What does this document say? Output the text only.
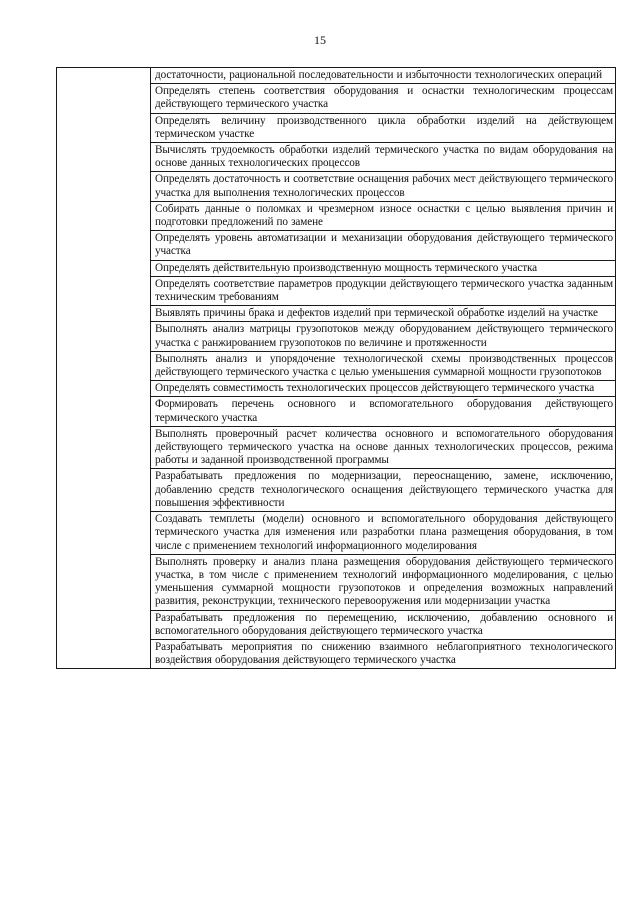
15
	достаточности, рациональной последовательности и избыточности технологических операций
Определять степень соответствия оборудования и оснастки технологическим процессам действующего термического участка
Определять величину производственного цикла обработки изделий на действующем термическом участке
Вычислять трудоемкость обработки изделий термического участка по видам оборудования на основе данных технологических процессов
Определять достаточность и соответствие оснащения рабочих мест действующего термического участка для выполнения технологических процессов
Собирать данные о поломках и чрезмерном износе оснастки с целью выявления причин и подготовки предложений по замене
Определять уровень автоматизации и механизации оборудования действующего термического участка
Определять действительную производственную мощность термического участка
Определять соответствие параметров продукции действующего термического участка заданным техническим требованиям
Выявлять причины брака и дефектов изделий при термической обработке изделий на участке
Выполнять анализ матрицы грузопотоков между оборудованием действующего термического участка с ранжированием грузопотоков по величине и протяженности
Выполнять анализ и упорядочение технологической схемы производственных процессов действующего термического участка с целью уменьшения суммарной мощности грузопотоков
Определять совместимость технологических процессов действующего термического участка
Формировать перечень основного и вспомогательного оборудования действующего термического участка
Выполнять проверочный расчет количества основного и вспомогательного оборудования действующего термического участка на основе данных технологических процессов, режима работы и заданной производственной программы
Разрабатывать предложения по модернизации, переоснащению, замене, исключению, добавлению средств технологического оснащения действующего термического участка для повышения эффективности
Создавать темплеты (модели) основного и вспомогательного оборудования действующего термического участка для изменения или разработки плана размещения оборудования, в том числе с применением технологий информационного моделирования
Выполнять проверку и анализ плана размещения оборудования действующего термического участка, в том числе с применением технологий информационного моделирования, с целью уменьшения суммарной мощности грузопотоков и определения возможных направлений развития, реконструкции, технического перевооружения или модернизации участка
Разрабатывать предложения по перемещению, исключению, добавлению основного и вспомогательного оборудования действующего термического участка
Разрабатывать мероприятия по снижению взаимного неблагоприятного технологического воздействия оборудования действующего термического участка
